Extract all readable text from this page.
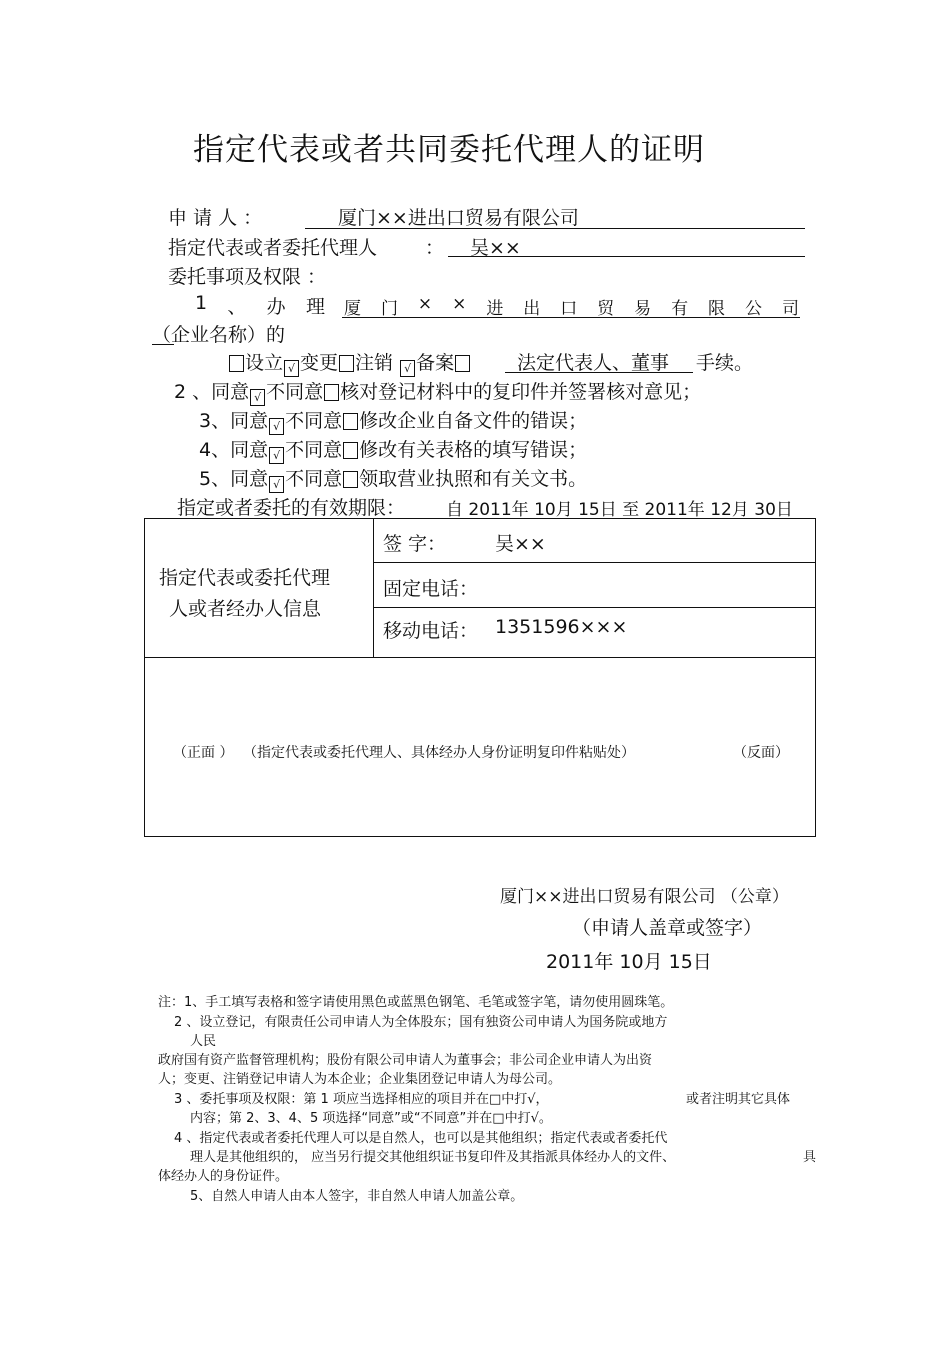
指定代表或者共同委托代理人的证明
申 请 人 ：	厦门××进出口贸易有限公司
指定代表或者委托代理人	： 吴××
委托事项及权限 ：
1 、 办 理 厦 门 × × 进 出 口 贸 易 有 限 公 司
（企业名称）的
设立 √ 变更 注销 √ 备案	法定代表人、董事 手续。
2 、同意 √ 不同意 核对登记材料中的复印件并签署核对意见；
3、同意 √ 不同意 修改企业自备文件的错误；
4、同意 √ 不同意 修改有关表格的填写错误；
5、同意 √ 不同意 领取营业执照和有关文书。
指定或者委托的有效期限： 自 2011年 10月 15日 至 2011年 12月 30日
指定代表或委托代理
人或者经办人信息
签 字：	吴××
固定电话：
移动电话： 1351596×××
（正面 ） （指定代表或委托代理人、具体经办人身份证明复印件粘贴处）	（反面）
厦门××进出口贸易有限公司 （公章）
（申请人盖章或签字）
2011年 10月 15日
注：1、手工填写表格和签字请使用黑色或蓝黑色钢笔、毛笔或签字笔，请勿使用圆珠笔。
2 、设立登记，有限责任公司申请人为全体股东；国有独资公司申请人为国务院或地方
人民
政府国有资产监督管理机构；股份有限公司申请人为董事会；非公司企业申请人为出资
人；变更、注销登记申请人为本企业；企业集团登记申请人为母公司。
3 、委托事项及权限：第 1 项应当选择相应的项目并在□中打√，	或者注明其它具体
内容；第 2、3、4、5 项选择“同意”或“不同意”并在□中打√。
4 、指定代表或者委托代理人可以是自然人，也可以是其他组织；指定代表或者委托代
理人是其他组织的， 应当另行提交其他组织证书复印件及其指派具体经办人的文件、	具
体经办人的身份证件。
5、自然人申请人由本人签字，非自然人申请人加盖公章。
